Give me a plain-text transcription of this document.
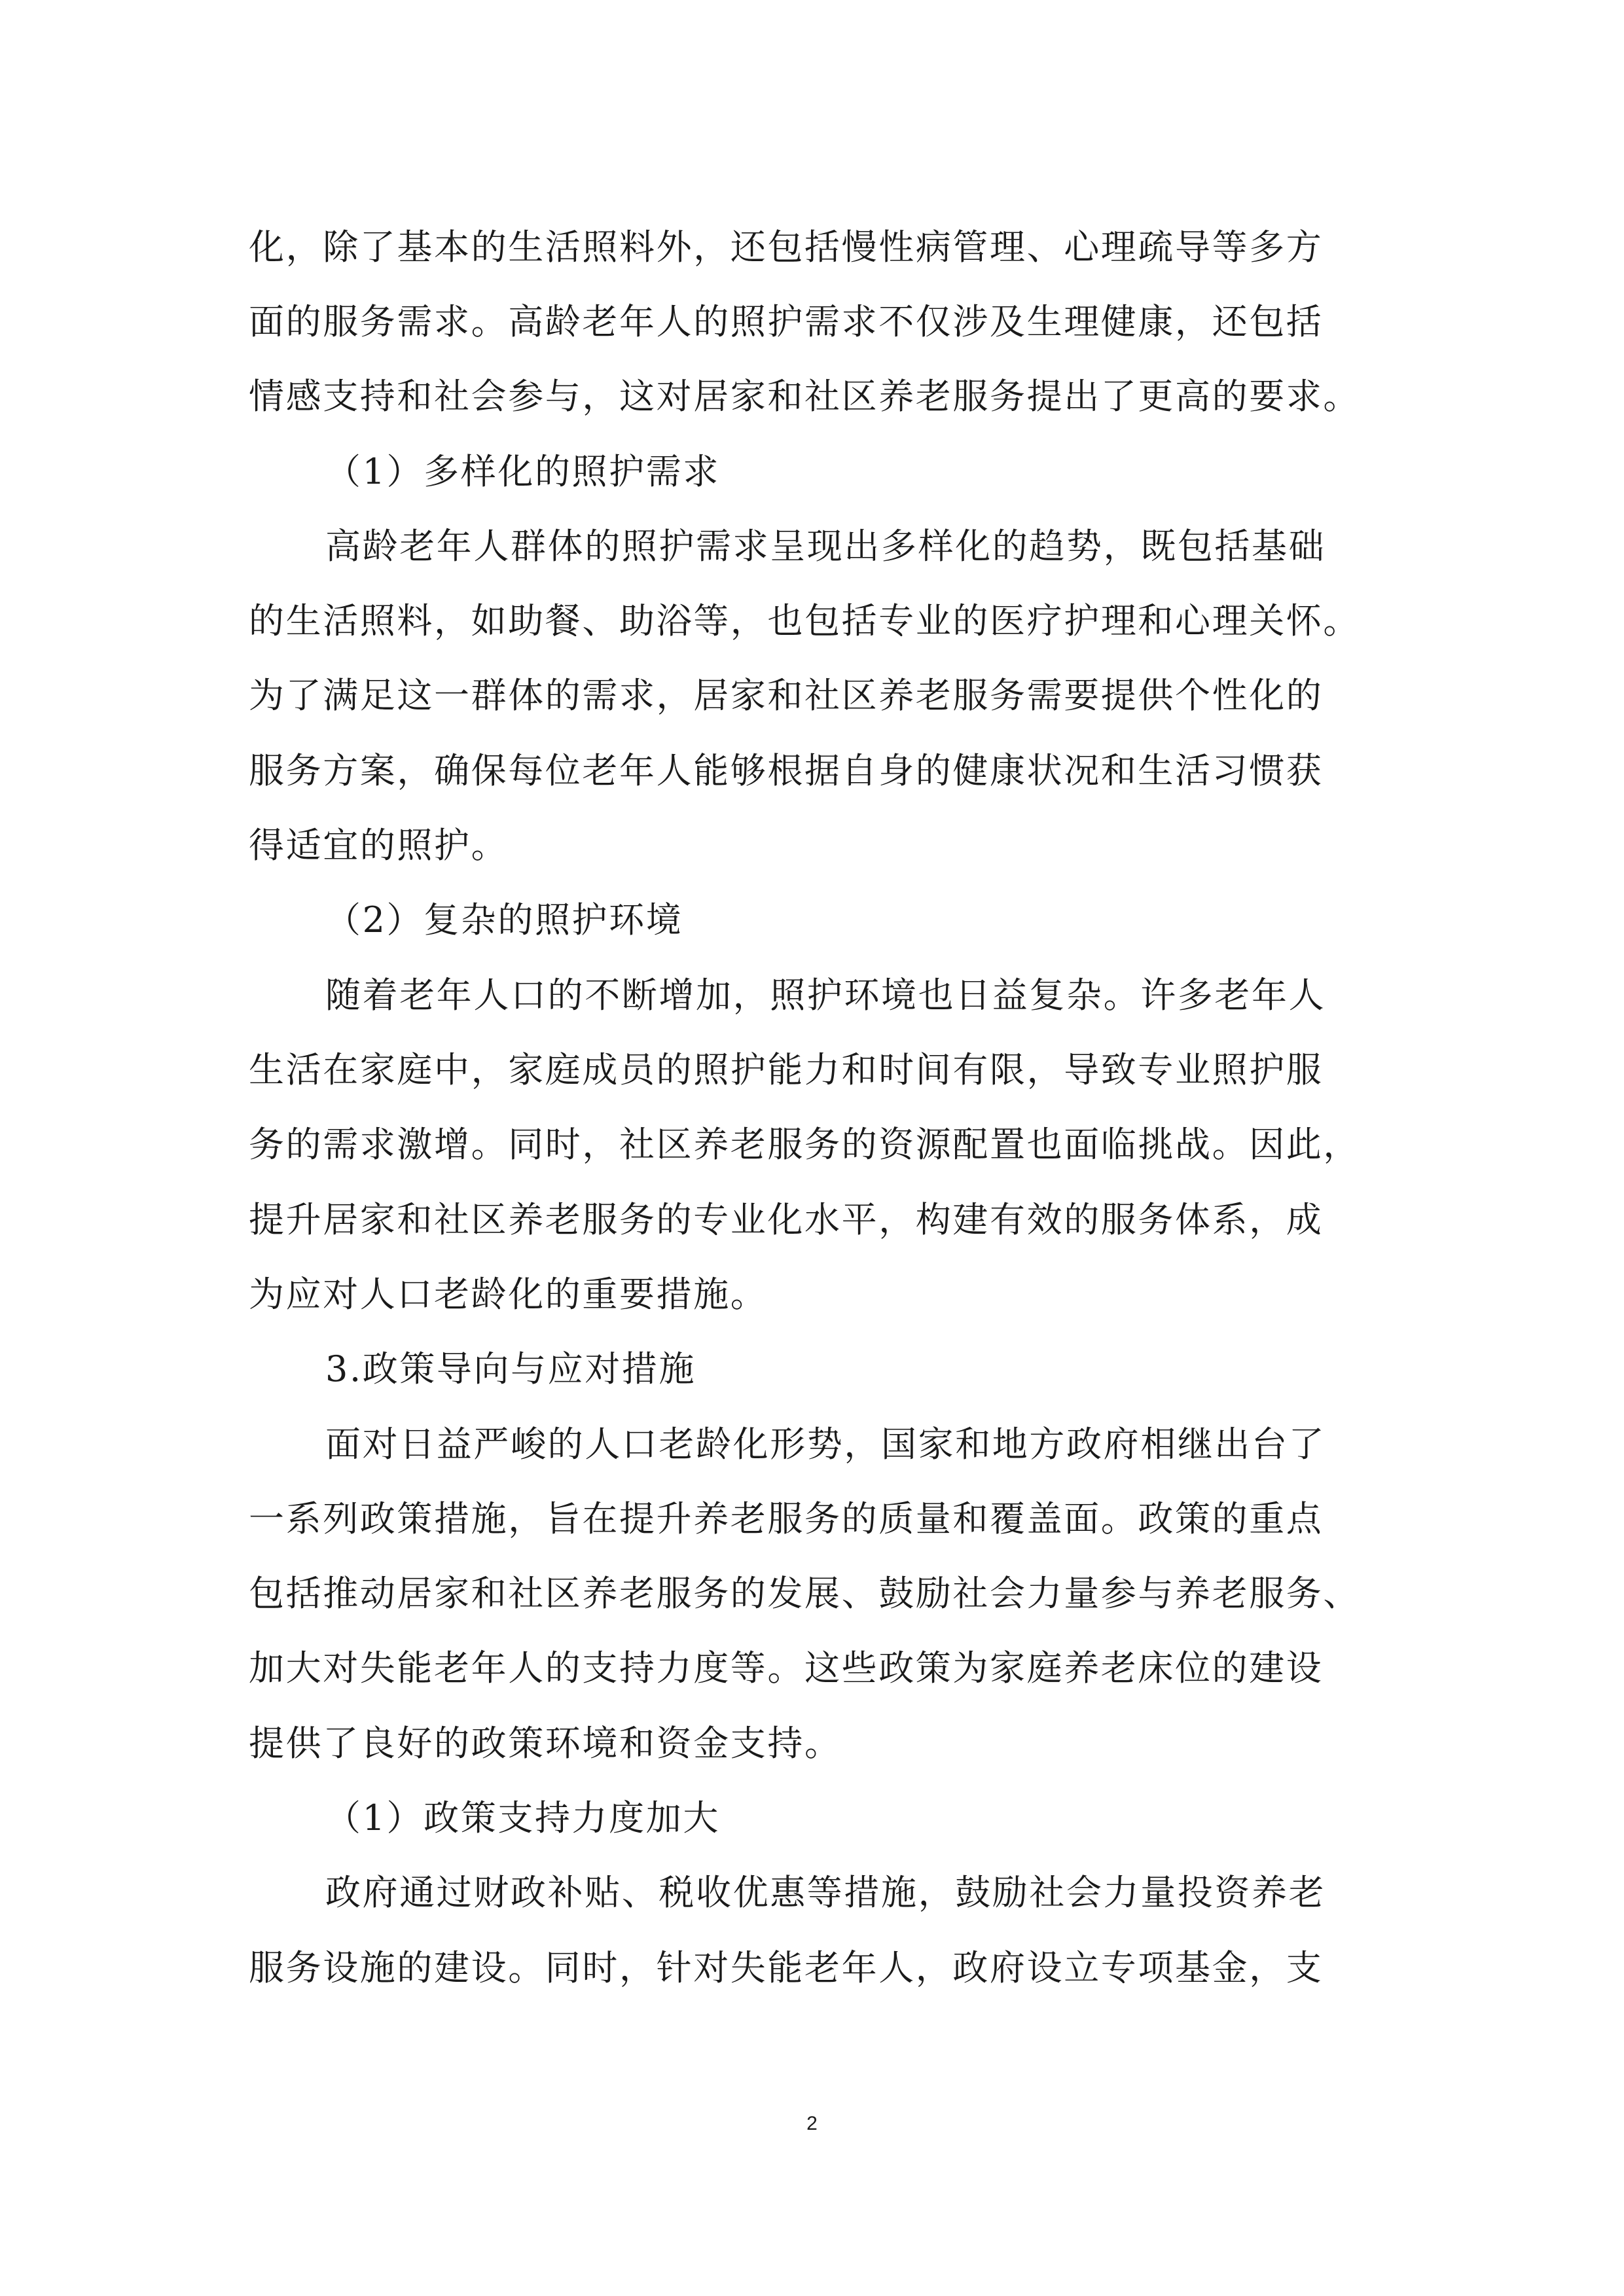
化，除了基本的生活照料外，还包括慢性病管理、心理疏导等多方

面的服务需求。高龄老年人的照护需求不仅涉及生理健康，还包括

情感支持和社会参与，这对居家和社区养老服务提出了更高的要求。

（1）多样化的照护需求

高龄老年人群体的照护需求呈现出多样化的趋势，既包括基础

的生活照料，如助餐、助浴等，也包括专业的医疗护理和心理关怀。

为了满足这一群体的需求，居家和社区养老服务需要提供个性化的

服务方案，确保每位老年人能够根据自身的健康状况和生活习惯获

得适宜的照护。

（2）复杂的照护环境

随着老年人口的不断增加，照护环境也日益复杂。许多老年人

生活在家庭中，家庭成员的照护能力和时间有限，导致专业照护服

务的需求激增。同时，社区养老服务的资源配置也面临挑战。因此，

提升居家和社区养老服务的专业化水平，构建有效的服务体系，成

为应对人口老龄化的重要措施。

3.政策导向与应对措施

面对日益严峻的人口老龄化形势，国家和地方政府相继出台了

一系列政策措施，旨在提升养老服务的质量和覆盖面。政策的重点

包括推动居家和社区养老服务的发展、鼓励社会力量参与养老服务、

加大对失能老年人的支持力度等。这些政策为家庭养老床位的建设

提供了良好的政策环境和资金支持。

（1）政策支持力度加大

政府通过财政补贴、税收优惠等措施，鼓励社会力量投资养老

服务设施的建设。同时，针对失能老年人，政府设立专项基金，支

2
